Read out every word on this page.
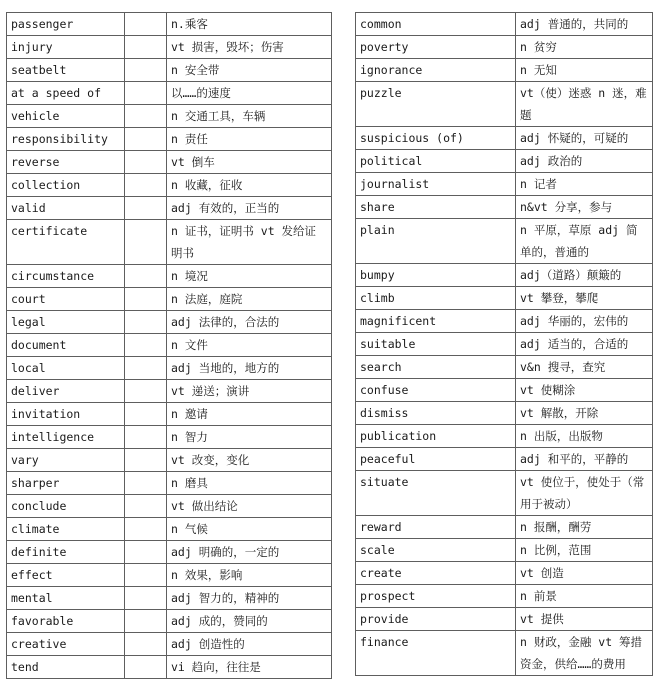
passenger		n.乘客
injury		vt 损害，毁坏；伤害
seatbelt		n 安全带
at a speed of		以……的速度
vehicle		n 交通工具，车辆
responsibility		n 责任
reverse		vt 倒车
collection		n 收藏，征收
valid		adj 有效的，正当的
certificate		n 证书，证明书 vt 发给证明书
circumstance		n 境况
court		n 法庭，庭院
legal		adj 法律的，合法的
document		n 文件
local		adj 当地的，地方的
deliver		vt 递送；演讲
invitation		n 邀请
intelligence		n 智力
vary		vt 改变，变化
sharper		n 磨具
conclude		vt 做出结论
climate		n 气候
definite		adj 明确的，一定的
effect		n 效果，影响
mental		adj 智力的，精神的
favorable		adj 成的，赞同的
creative		adj 创造性的
tend		vi 趋向，往往是
common	adj 普通的，共同的
poverty	n 贫穷
ignorance	n 无知
puzzle	vt（使）迷惑 n 迷，难题
suspicious (of)	adj 怀疑的，可疑的
political	adj 政治的
journalist	n 记者
share	n&vt 分享，参与
plain	n 平原，草原 adj 简单的，普通的
bumpy	adj（道路）颠簸的
climb	vt 攀登，攀爬
magnificent	adj 华丽的，宏伟的
suitable	adj 适当的，合适的
search	v&n 搜寻，查究
confuse	vt 使糊涂
dismiss	vt 解散，开除
publication	n 出版，出版物
peaceful	adj 和平的，平静的
situate	vt 使位于，使处于（常用于被动）
reward	n 报酬，酬劳
scale	n 比例，范围
create	vt 创造
prospect	n 前景
provide	vt 提供
finance	n 财政，金融 vt 筹措资金，供给……的费用
